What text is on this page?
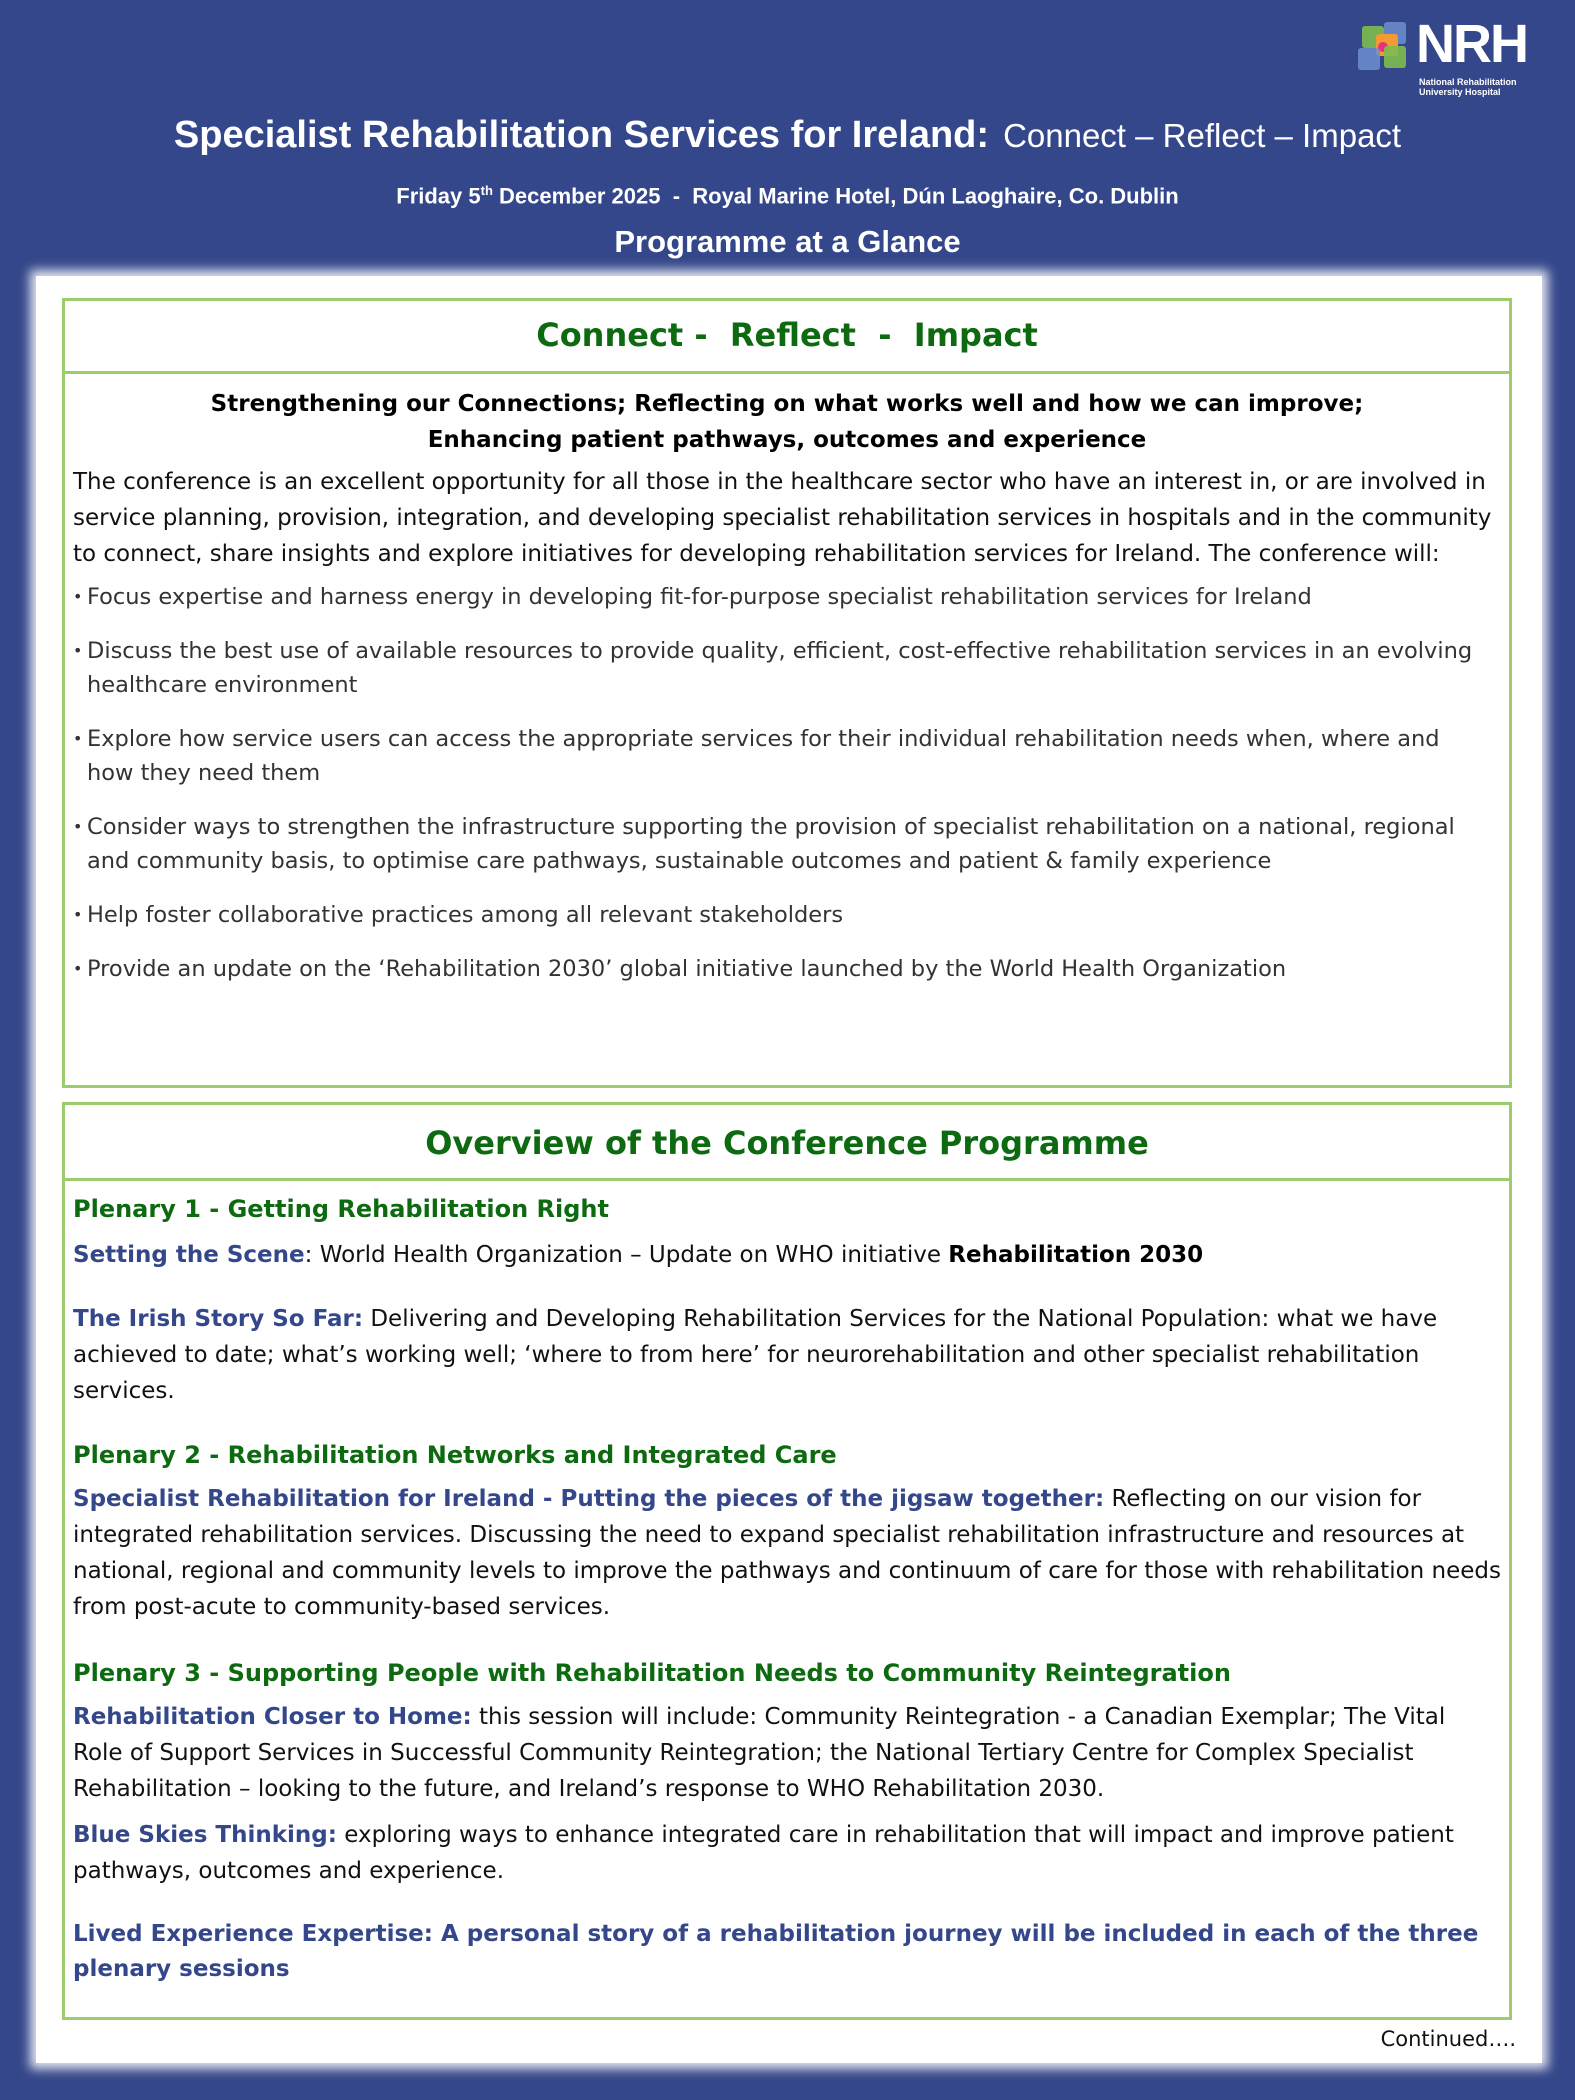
NRH
National Rehabilitation
University Hospital
Specialist Rehabilitation Services for Ireland: Connect – Reflect – Impact
Friday 5th December 2025  -  Royal Marine Hotel, Dún Laoghaire, Co. Dublin
Programme at a Glance
Connect -  Reflect  -  Impact
Strengthening our Connections; Reflecting on what works well and how we can improve;
Enhancing patient pathways, outcomes and experience
The conference is an excellent opportunity for all those in the healthcare sector who have an interest in, or are involved in service planning, provision, integration, and developing specialist rehabilitation services in hospitals and in the community to connect, share insights and explore initiatives for developing rehabilitation services for Ireland. The conference will:
• Focus expertise and harness energy in developing fit-for-purpose specialist rehabilitation services for Ireland
• Discuss the best use of available resources to provide quality, efficient, cost-effective rehabilitation services in an evolving healthcare environment
• Explore how service users can access the appropriate services for their individual rehabilitation needs when, where and how they need them
• Consider ways to strengthen the infrastructure supporting the provision of specialist rehabilitation on a national, regional and community basis, to optimise care pathways, sustainable outcomes and patient & family experience
• Help foster collaborative practices among all relevant stakeholders
• Provide an update on the ‘Rehabilitation 2030’ global initiative launched by the World Health Organization
Overview of the Conference Programme
Plenary 1 - Getting Rehabilitation Right
Setting the Scene: World Health Organization – Update on WHO initiative Rehabilitation 2030
The Irish Story So Far: Delivering and Developing Rehabilitation Services for the National Population: what we have achieved to date; what’s working well; ‘where to from here’ for neurorehabilitation and other specialist rehabilitation services.
Plenary 2 - Rehabilitation Networks and Integrated Care
Specialist Rehabilitation for Ireland - Putting the pieces of the jigsaw together: Reflecting on our vision for integrated rehabilitation services. Discussing the need to expand specialist rehabilitation infrastructure and resources at national, regional and community levels to improve the pathways and continuum of care for those with rehabilitation needs from post-acute to community-based services.
Plenary 3 - Supporting People with Rehabilitation Needs to Community Reintegration
Rehabilitation Closer to Home: this session will include: Community Reintegration - a Canadian Exemplar; The Vital Role of Support Services in Successful Community Reintegration; the National Tertiary Centre for Complex Specialist Rehabilitation – looking to the future, and Ireland’s response to WHO Rehabilitation 2030.
Blue Skies Thinking: exploring ways to enhance integrated care in rehabilitation that will impact and improve patient pathways, outcomes and experience.
Lived Experience Expertise: A personal story of a rehabilitation journey will be included in each of the three plenary sessions
Continued….
